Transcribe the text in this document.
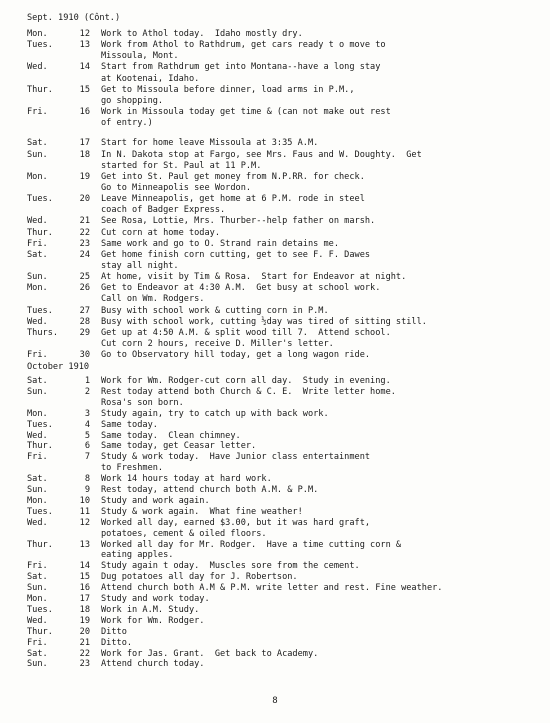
Sept. 1910 (Cônt.)
Mon.	12 Work to Athol today.  Idaho mostly dry.
Tues.	13 Work from Athol to Rathdrum, get cars ready t o move to
Missoula, Mont.
Wed.	14 Start from Rathdrum get into Montana--have a long stay
at Kootenai, Idaho.
Thur.	15 Get to Missoula before dinner, load arms in P.M.,
go shopping.
Fri.	16 Work in Missoula today get time & (can not make out rest
of entry.)
Sat.	17 Start for home leave Missoula at 3:35 A.M.
Sun.	18 In N. Dakota stop at Fargo, see Mrs. Faus and W. Doughty.  Get
started for St. Paul at 11 P.M.
Mon.	19 Get into St. Paul get money from N.P.RR. for check.
Go to Minneapolis see Wordon.
Tues.	20 Leave Minneapolis, get home at 6 P.M. rode in steel
coach of Badger Express.
Wed.	21 See Rosa, Lottie, Mrs. Thurber--help father on marsh.
Thur.	22 Cut corn at home today.
Fri.	23 Same work and go to O. Strand rain detains me.
Sat.	24 Get home finish corn cutting, get to see F. F. Dawes
stay all night.
Sun.	25 At home, visit by Tim & Rosa.  Start for Endeavor at night.
Mon.	26 Get to Endeavor at 4:30 A.M.  Get busy at school work.
Call on Wm. Rodgers.
Tues.	27 Busy with school work & cutting corn in P.M.
Wed.	28 Busy with school work, cutting ½day was tired of sitting still.
Thurs.	29 Get up at 4:50 A.M. & split wood till 7.  Attend school.
Cut corn 2 hours, receive D. Miller's letter.
Fri.	30 Go to Observatory hill today, get a long wagon ride.
October 1910
Sat.	1 Work for Wm. Rodger-cut corn all day.  Study in evening.
Sun.	2 Rest today attend both Church & C. E.  Write letter home.
Rosa's son born.
Mon.	3 Study again, try to catch up with back work.
Tues.	4 Same today.
Wed.	5 Same today.  Clean chimney.
Thur.	6 Same today, get Ceasar letter.
Fri.	7 Study & work today.  Have Junior class entertainment
to Freshmen.
Sat.	8 Work 14 hours today at hard work.
Sun.	9 Rest today, attend church both A.M. & P.M.
Mon.	10 Study and work again.
Tues.	11 Study & work again.  What fine weather!
Wed.	12 Worked all day, earned $3.00, but it was hard graft,
potatoes, cement & oiled floors.
Thur.	13 Worked all day for Mr. Rodger.  Have a time cutting corn &
eating apples.
Fri.	14 Study again t oday.  Muscles sore from the cement.
Sat.	15 Dug potatoes all day for J. Robertson.
Sun.	16 Attend church both A.M & P.M. write letter and rest. Fine weather.
Mon.	17 Study and work today.
Tues.	18 Work in A.M. Study.
Wed.	19 Work for Wm. Rodger.
Thur.	20 Ditto
Fri.	21 Ditto.
Sat.	22 Work for Jas. Grant.  Get back to Academy.
Sun.	23 Attend church today.
8
